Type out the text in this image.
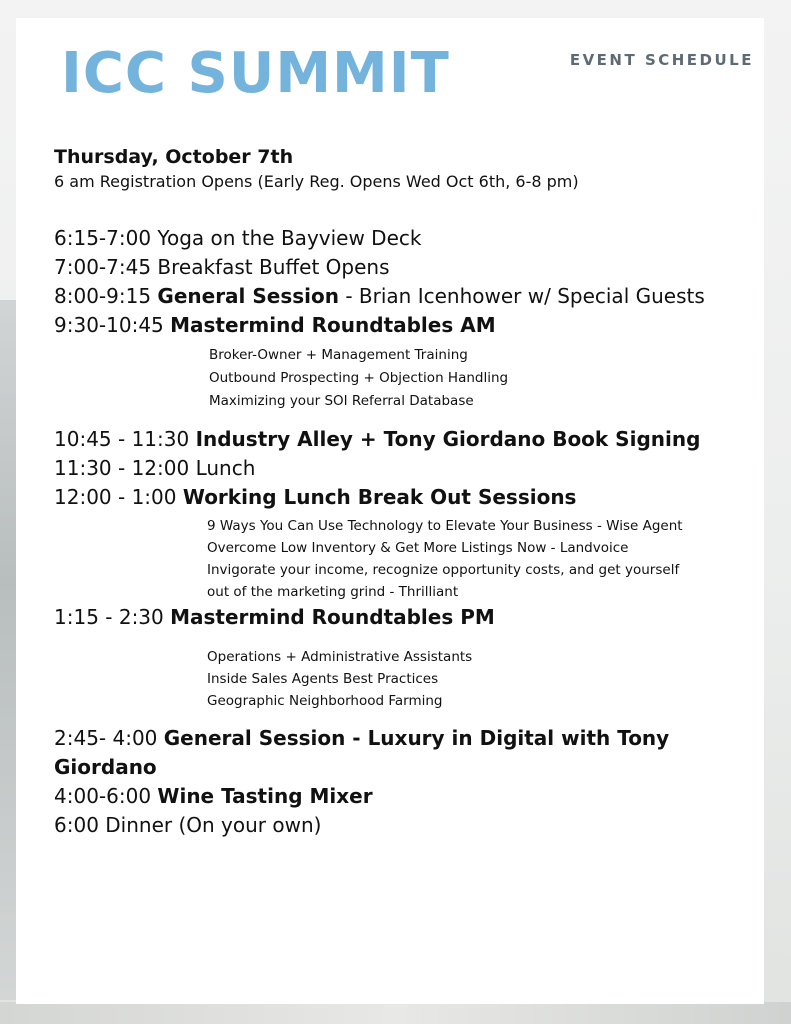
ICC SUMMIT	EVENT SCHEDULE
Thursday, October 7th
6 am Registration Opens (Early Reg. Opens Wed Oct 6th, 6-8 pm)
6:15-7:00 Yoga on the Bayview Deck
7:00-7:45 Breakfast Buffet Opens
8:00-9:15 General Session - Brian Icenhower w/ Special Guests
9:30-10:45 Mastermind Roundtables AM
Broker-Owner + Management Training
Outbound Prospecting + Objection Handling
Maximizing your SOI Referral Database
10:45 - 11:30 Industry Alley + Tony Giordano Book Signing
11:30 - 12:00 Lunch
12:00 - 1:00 Working Lunch Break Out Sessions
9 Ways You Can Use Technology to Elevate Your Business - Wise Agent
Overcome Low Inventory & Get More Listings Now - Landvoice
Invigorate your income, recognize opportunity costs, and get yourself
out of the marketing grind - Thrilliant
1:15 - 2:30 Mastermind Roundtables PM
Operations + Administrative Assistants
Inside Sales Agents Best Practices
Geographic Neighborhood Farming
2:45- 4:00 General Session - Luxury in Digital with Tony Giordano
4:00-6:00 Wine Tasting Mixer
6:00 Dinner (On your own)
